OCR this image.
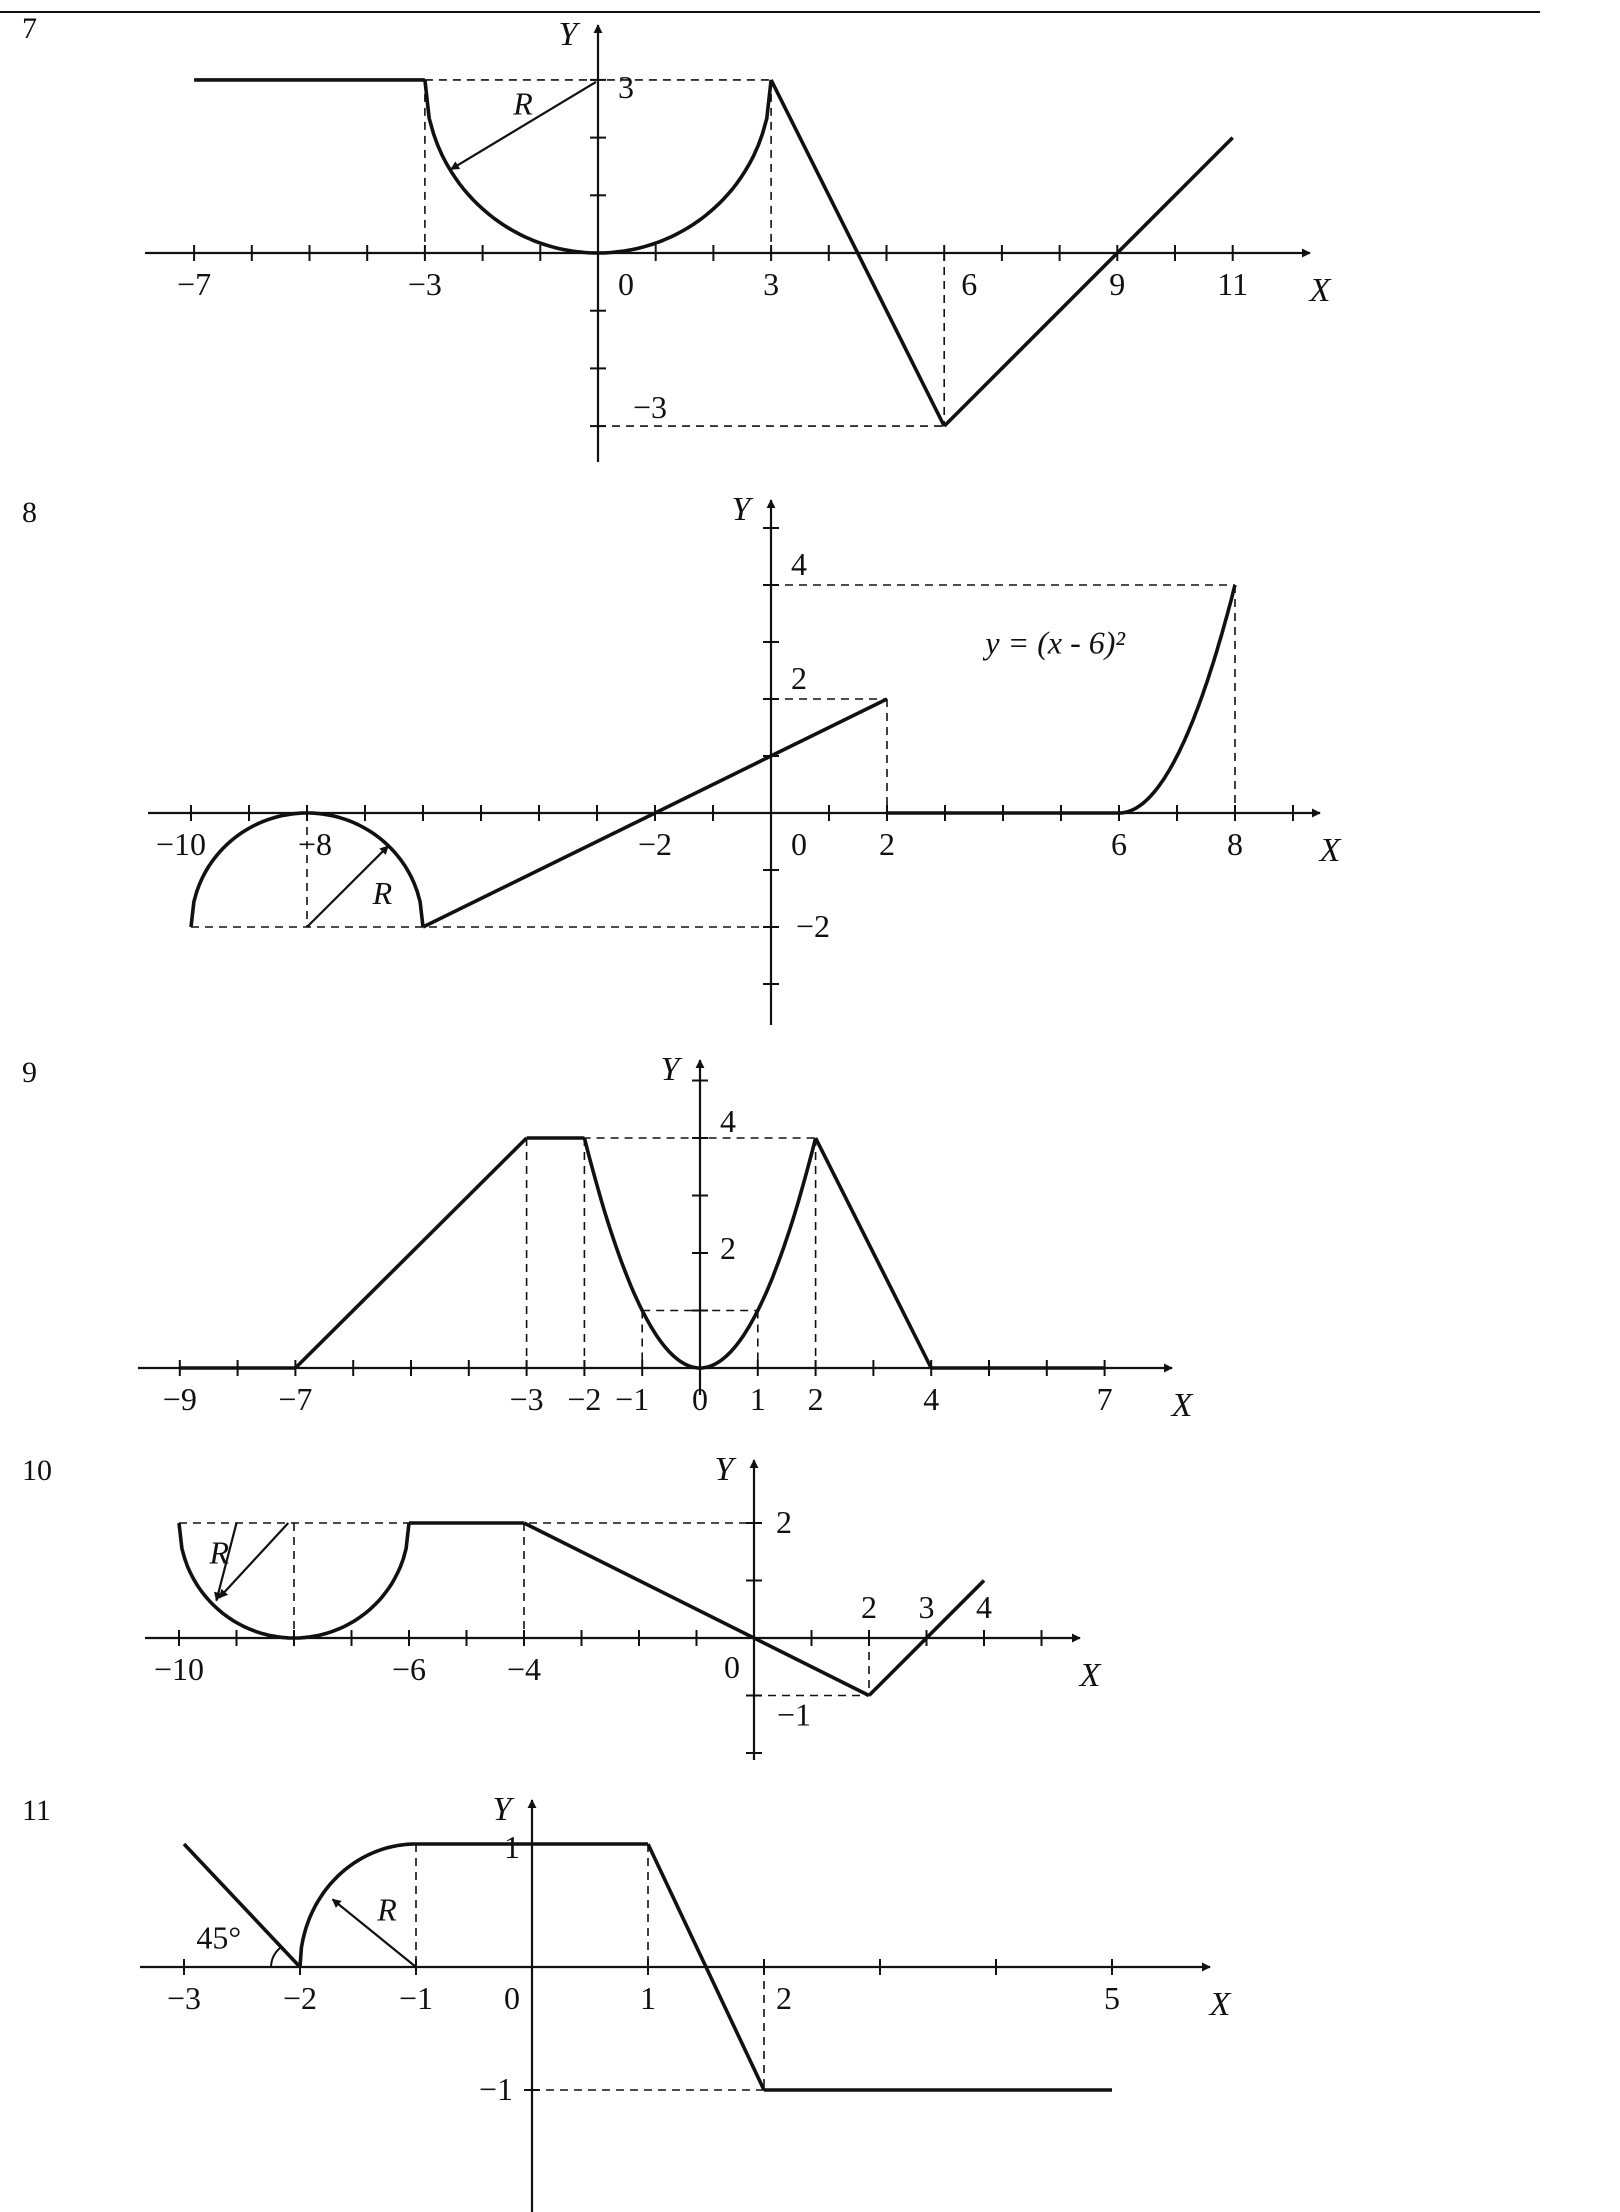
7
X
Y
−7	−3	0	3	6	9	11
3
−3
R
8
X
Y
−10	−8	−2	0 2	6	8
4
2
−2
R
y = (x - 6)²
9
X
Y
−9	−7	−3 −2 −1 0 1 2	4	7
4
2
10
X
Y
−10	−6	−4	0
2 3 4
2
−1
R
11
X
Y
−3	−2	−1 0	1	2	5
1
−1
45°
R
